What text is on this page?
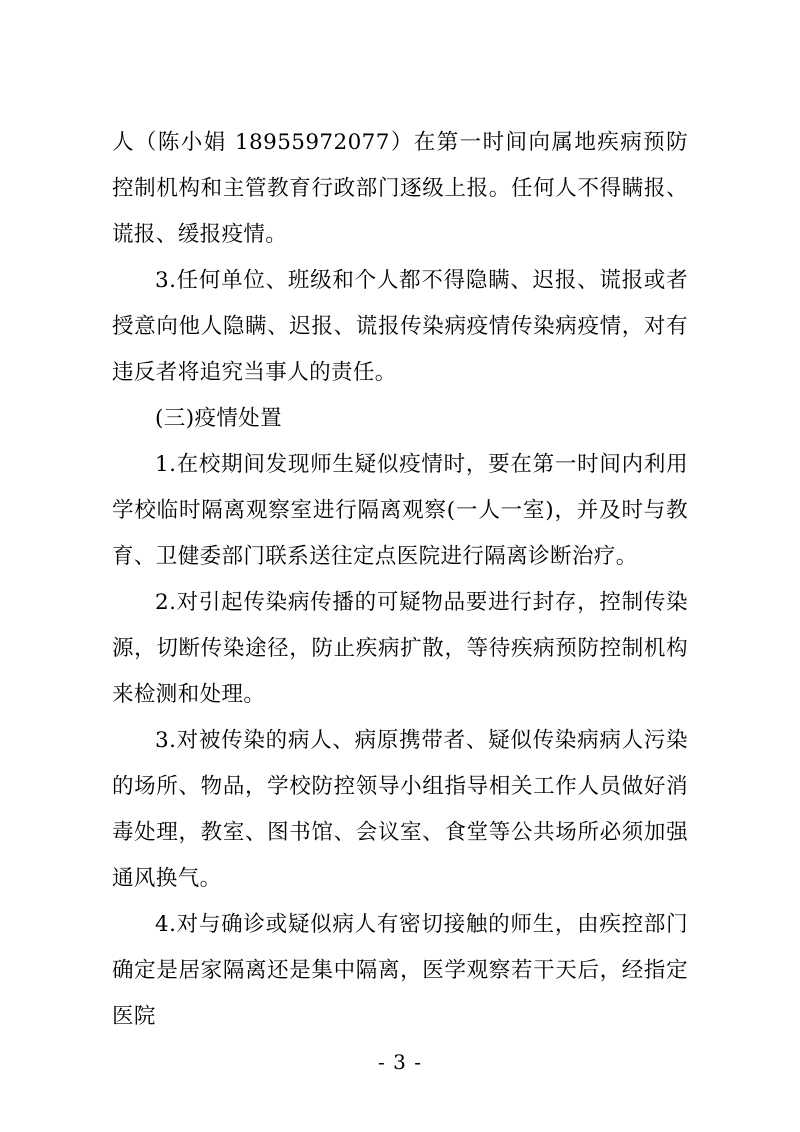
人（陈小娟 18955972077）在第一时间向属地疾病预防控制机构和主管教育行政部门逐级上报。任何人不得瞒报、谎报、缓报疫情。

3.任何单位、班级和个人都不得隐瞒、迟报、谎报或者授意向他人隐瞒、迟报、谎报传染病疫情传染病疫情，对有违反者将追究当事人的责任。

(三)疫情处置

1.在校期间发现师生疑似疫情时，要在第一时间内利用学校临时隔离观察室进行隔离观察(一人一室)，并及时与教育、卫健委部门联系送往定点医院进行隔离诊断治疗。

2.对引起传染病传播的可疑物品要进行封存，控制传染源，切断传染途径，防止疾病扩散，等待疾病预防控制机构来检测和处理。

3.对被传染的病人、病原携带者、疑似传染病病人污染的场所、物品，学校防控领导小组指导相关工作人员做好消毒处理，教室、图书馆、会议室、食堂等公共场所必须加强通风换气。

4.对与确诊或疑似病人有密切接触的师生，由疾控部门确定是居家隔离还是集中隔离，医学观察若干天后，经指定医院

- 3 -
